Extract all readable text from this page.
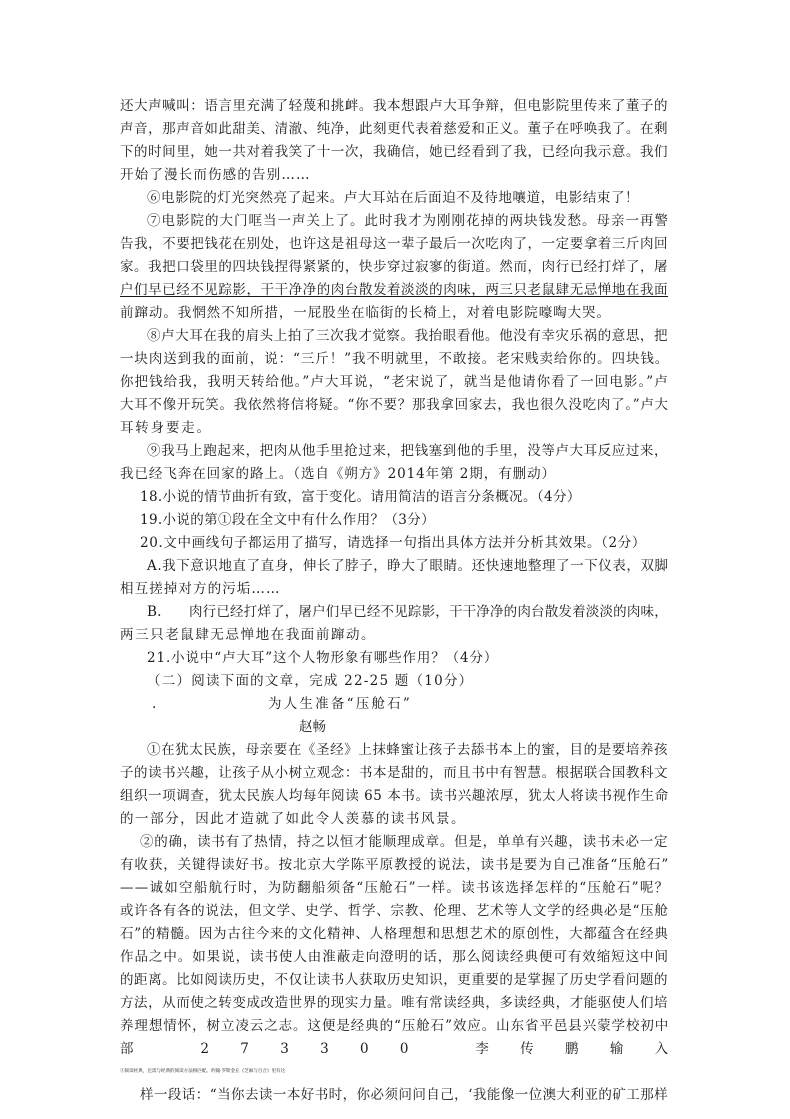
还大声喊叫：语言里充满了轻蔑和挑衅。我本想跟卢大耳争辩，但电影院里传来了董子的
声音，那声音如此甜美、清澈、纯净，此刻更代表着慈爱和正义。董子在呼唤我了。在剩
下的时间里，她一共对着我笑了十一次，我确信，她已经看到了我，已经向我示意。我们
开始了漫长而伤感的告别……
⑥电影院的灯光突然亮了起来。卢大耳站在后面迫不及待地嚷道，电影结束了！
⑦电影院的大门哐当一声关上了。此时我才为刚刚花掉的两块钱发愁。母亲一再警
告我，不要把钱花在别处，也许这是祖母这一辈子最后一次吃肉了，一定要拿着三斤肉回
家。我把口袋里的四块钱捏得紧紧的，快步穿过寂寥的街道。然而，肉行已经打烊了，屠
户们早已经不见踪影，干干净净的肉台散发着淡淡的肉味，两三只老鼠肆无忌惮地在我面
前蹿动。我惘然不知所措，一屁股坐在临街的长椅上，对着电影院嚎啕大哭。
⑧卢大耳在我的肩头上拍了三次我才觉察。我抬眼看他。他没有幸灾乐祸的意思，把
一块肉送到我的面前，说：“三斤！”我不明就里，不敢接。老宋贱卖给你的。四块钱。
你把钱给我，我明天转给他。”卢大耳说，“老宋说了，就当是他请你看了一回电影。”卢
大耳不像开玩笑。我依然将信将疑。“你不要？那我拿回家去，我也很久没吃肉了。”卢大
耳转身要走。
⑨我马上跑起来，把肉从他手里抢过来，把钱塞到他的手里，没等卢大耳反应过来，
我已经飞奔在回家的路上。（选自《朔方》2014年第 2期，有删动）
18.小说的情节曲折有致，富于变化。请用简洁的语言分条概况。（4分）
19.小说的第①段在全文中有什么作用？（3分）
20.文中画线句子都运用了描写，请选择一句指出具体方法并分析其效果。（2分）
A.我下意识地直了直身，伸长了脖子，睁大了眼睛。还快速地整理了一下仪表，双脚
相互搓掉对方的污垢……
B.　　肉行已经打烊了，屠户们早已经不见踪影，干干净净的肉台散发着淡淡的肉味，
两三只老鼠肆无忌惮地在我面前蹿动。
21.小说中“卢大耳”这个人物形象有哪些作用？（4分）
（二）阅读下面的文章，完成 22-25 题（10分）
.	为人生准备“压舱石”
赵畅
①在犹太民族，母亲要在《圣经》上抹蜂蜜让孩子去舔书本上的蜜，目的是要培养孩
子的读书兴趣，让孩子从小树立观念：书本是甜的，而且书中有智慧。根据联合国教科文
组织一项调查，犹太民族人均每年阅读 65 本书。读书兴趣浓厚，犹太人将读书视作生命
的一部分，因此才造就了如此令人羡慕的读书风景。
②的确，读书有了热情，持之以恒才能顺理成章。但是，单单有兴趣，读书未必一定
有收获，关键得读好书。按北京大学陈平原教授的说法，读书是要为自己准备“压舱石”
——诚如空船航行时，为防翻船须备“压舱石”一样。读书该选择怎样的“压舱石”呢？
或许各有各的说法，但文学、史学、哲学、宗教、伦理、艺术等人文学的经典必是“压舱
石”的精髓。因为古往今来的文化精神、人格理想和思想艺术的原创性，大都蕴含在经典
作品之中。如果说，读书使人由淮蔽走向澄明的话，那么阅读经典便可有效缩短这中间
的距离。比如阅读历史，不仅让读书人获取历史知识，更重要的是掌握了历史学看问题的
方法，从而使之转变成改造世界的现实力量。唯有常读经典，多读经典，才能驱使人们培
养理想情怀，树立凌云之志。这便是经典的“压舱石”效应。山东省平邑县兴蒙学校初中
部 273300 李传鹏输入
③阅读经典，还需与经典的阅读方法相匹配。约翰·罗斯金在《芝麻与百合》里有这
样一段话：“当你去读一本好书时，你必须问问自己，‘我能像一位澳大利亚的矿工那样
